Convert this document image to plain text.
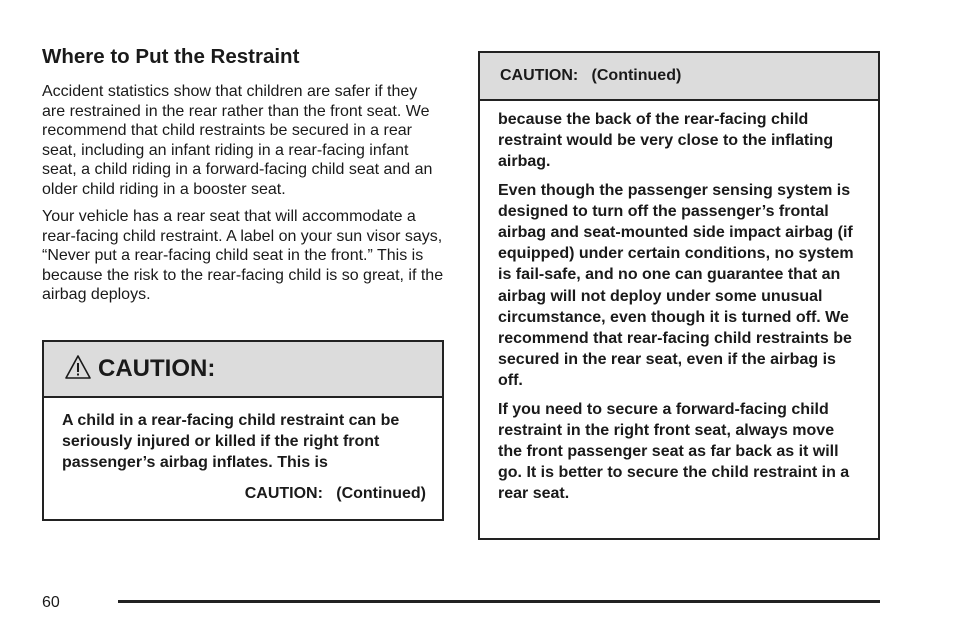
Where to Put the Restraint

Accident statistics show that children are safer if they are restrained in the rear rather than the front seat. We recommend that child restraints be secured in a rear seat, including an infant riding in a rear-facing infant seat, a child riding in a forward-facing child seat and an older child riding in a booster seat.

Your vehicle has a rear seat that will accommodate a rear-facing child restraint. A label on your sun visor says, “Never put a rear-facing child seat in the front.” This is because the risk to the rear-facing child is so great, if the airbag deploys.

CAUTION:
A child in a rear-facing child restraint can be seriously injured or killed if the right front passenger’s airbag inflates. This is
CAUTION:   (Continued)
CAUTION:   (Continued)

because the back of the rear-facing child restraint would be very close to the inflating airbag.

Even though the passenger sensing system is designed to turn off the passenger’s frontal airbag and seat-mounted side impact airbag (if equipped) under certain conditions, no system is fail-safe, and no one can guarantee that an airbag will not deploy under some unusual circumstance, even though it is turned off. We recommend that rear-facing child restraints be secured in the rear seat, even if the airbag is off.

If you need to secure a forward-facing child restraint in the right front seat, always move the front passenger seat as far back as it will go. It is better to secure the child restraint in a rear seat.

60
